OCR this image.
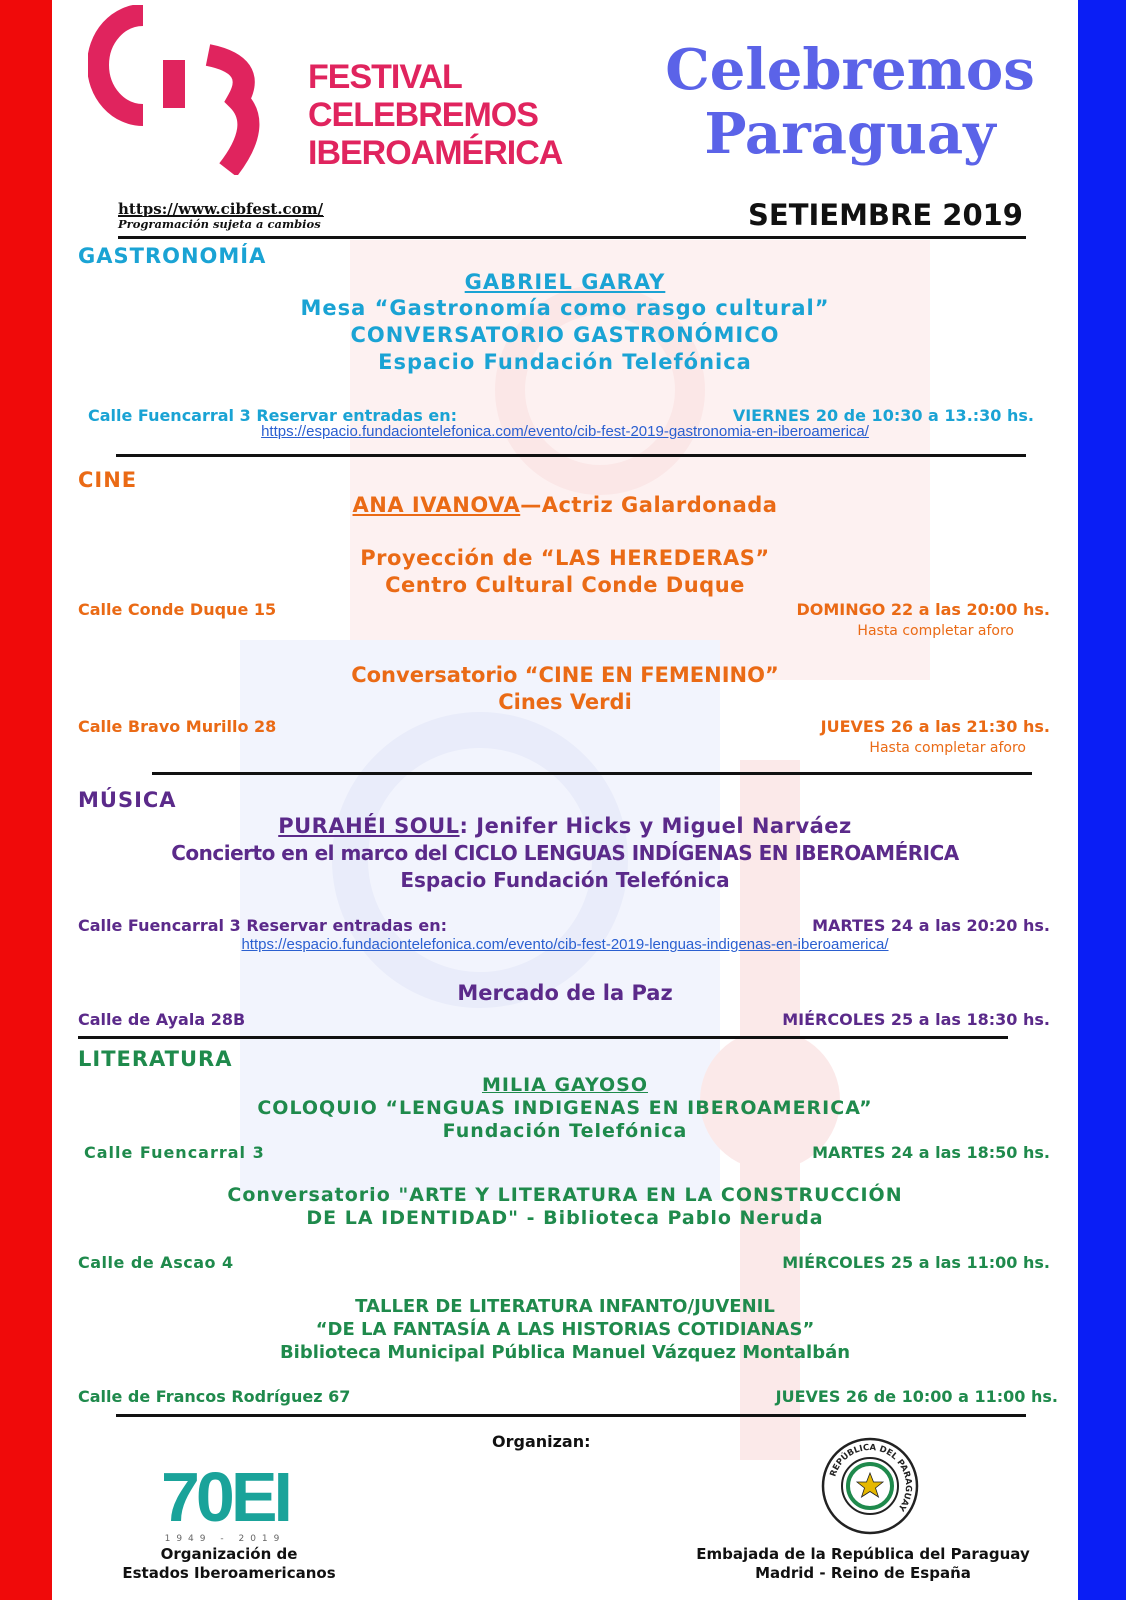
FESTIVAL
CELEBREMOS
IBEROAMÉRICA
Celebremos
Paraguay
https://www.cibfest.com/
Programación sujeta a cambios	SETIEMBRE 2019
GASTRONOMÍA
GABRIEL GARAY
Mesa “Gastronomía como rasgo cultural”
CONVERSATORIO GASTRONÓMICO
Espacio Fundación Telefónica
Calle Fuencarral 3 Reservar entradas en:	VIERNES 20 de 10:30 a 13.:30 hs.
https://espacio.fundaciontelefonica.com/evento/cib-fest-2019-gastronomia-en-iberoamerica/
CINE
ANA IVANOVA—Actriz Galardonada
Proyección de “LAS HEREDERAS”
Centro Cultural Conde Duque
Calle Conde Duque 15	DOMINGO 22 a las 20:00 hs.
Hasta completar aforo
Conversatorio “CINE EN FEMENINO”
Cines Verdi
Calle Bravo Murillo 28	JUEVES 26 a las 21:30 hs.
Hasta completar aforo
MÚSICA
PURAHÉI SOUL: Jenifer Hicks y Miguel Narváez
Concierto en el marco del CICLO LENGUAS INDÍGENAS EN IBEROAMÉRICA
Espacio Fundación Telefónica
Calle Fuencarral 3 Reservar entradas en:	MARTES 24 a las 20:20 hs.
https://espacio.fundaciontelefonica.com/evento/cib-fest-2019-lenguas-indigenas-en-iberoamerica/
Mercado de la Paz
Calle de Ayala 28B	MIÉRCOLES 25 a las 18:30 hs.
LITERATURA
MILIA GAYOSO
COLOQUIO “LENGUAS INDIGENAS EN IBEROAMERICA”
Fundación Telefónica
Calle Fuencarral 3	MARTES 24 a las 18:50 hs.
Conversatorio "ARTE Y LITERATURA EN LA CONSTRUCCIÓN
DE LA IDENTIDAD" - Biblioteca Pablo Neruda
Calle de Ascao 4	MIÉRCOLES 25 a las 11:00 hs.
TALLER DE LITERATURA INFANTO/JUVENIL
“DE LA FANTASÍA A LAS HISTORIAS COTIDIANAS”
Biblioteca Municipal Pública Manuel Vázquez Montalbán
Calle de Francos Rodríguez 67	JUEVES 26 de 10:00 a 11:00 hs.
Organizan:
70EI
1949 - 2019
Organización de
Estados Iberoamericanos
REPÚBLICA DEL PARAGUAY
Embajada de la República del Paraguay
Madrid - Reino de España
